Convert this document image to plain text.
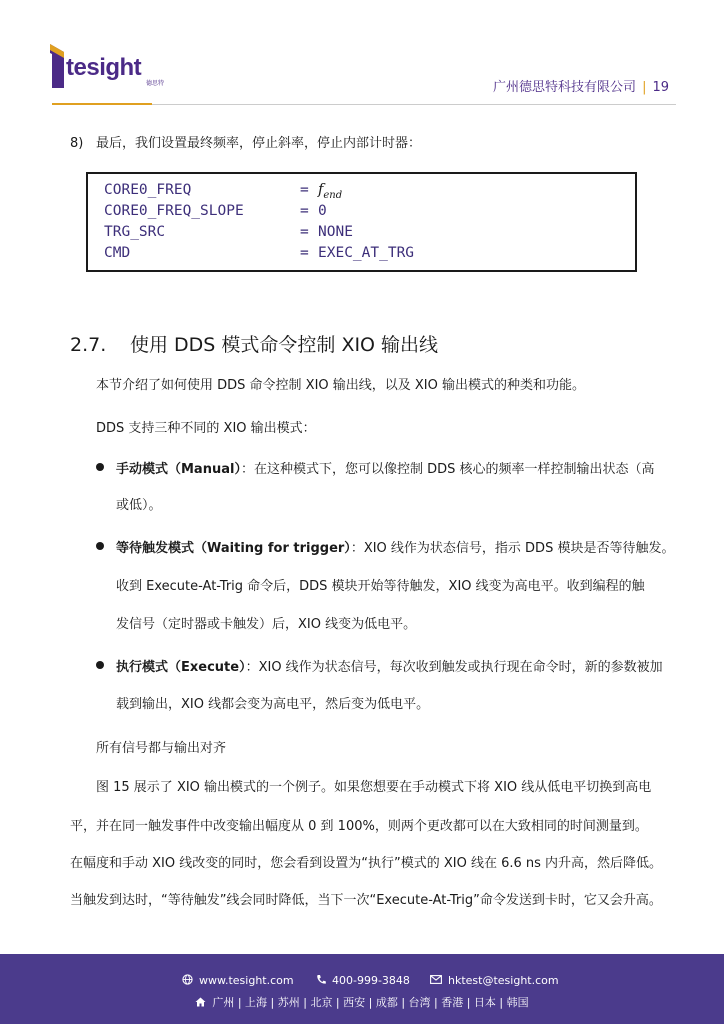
tesight
德思特	广州德思特科技有限公司 | 19
8) 最后，我们设置最终频率，停止斜率，停止内部计时器：
CORE0_FREQ	= $f_{end}$
CORE0_FREQ_SLOPE	= 0
TRG_SRC	= NONE
CMD	= EXEC_AT_TRG
2.7. 使用 DDS 模式命令控制 XIO 输出线
本节介绍了如何使用 DDS 命令控制 XIO 输出线，以及 XIO 输出模式的种类和功能。
DDS 支持三种不同的 XIO 输出模式：
手动模式（Manual）：在这种模式下，您可以像控制 DDS 核心的频率一样控制输出状态（高
或低）。
等待触发模式（Waiting for trigger）：XIO 线作为状态信号，指示 DDS 模块是否等待触发。
收到 Execute-At-Trig 命令后，DDS 模块开始等待触发，XIO 线变为高电平。收到编程的触
发信号（定时器或卡触发）后，XIO 线变为低电平。
执行模式（Execute）：XIO 线作为状态信号，每次收到触发或执行现在命令时，新的参数被加
载到输出，XIO 线都会变为高电平，然后变为低电平。
所有信号都与输出对齐
图 15 展示了 XIO 输出模式的一个例子。如果您想要在手动模式下将 XIO 线从低电平切换到高电
平，并在同一触发事件中改变输出幅度从 0 到 100%，则两个更改都可以在大致相同的时间测量到。
在幅度和手动 XIO 线改变的同时，您会看到设置为“执行”模式的 XIO 线在 6.6 ns 内升高，然后降低。
当触发到达时，“等待触发”线会同时降低，当下一次“Execute-At-Trig”命令发送到卡时，它又会升高。
www.tesight.com	400-999-3848	hktest@tesight.com
广州 | 上海 | 苏州 | 北京 | 西安 | 成都 | 台湾 | 香港 | 日本 | 韩国
